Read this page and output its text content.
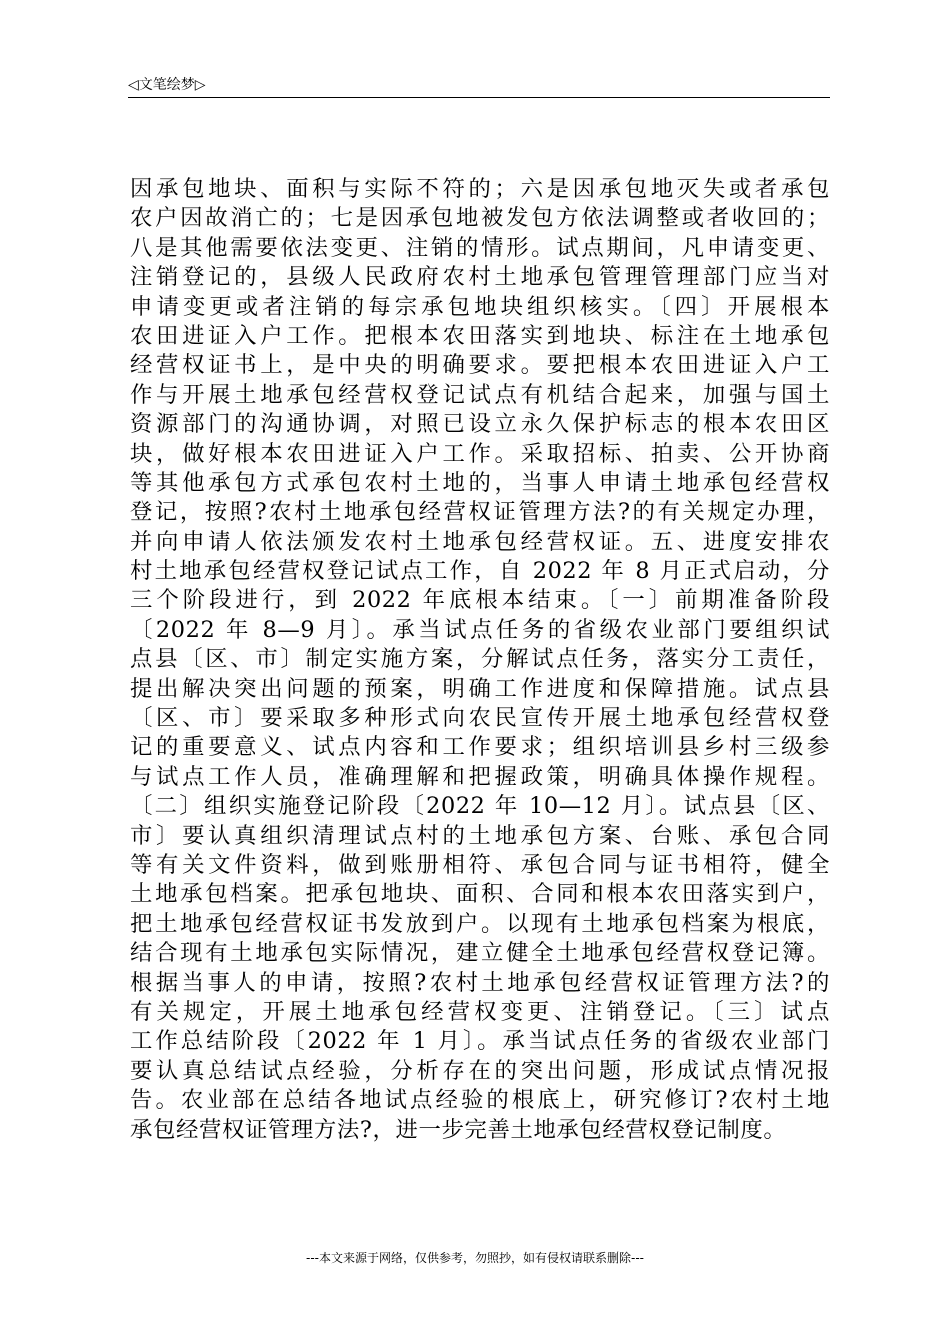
◁文笔绘梦▷
因承包地块、面积与实际不符的；六是因承包地灭失或者承包
农户因故消亡的；七是因承包地被发包方依法调整或者收回的；
八是其他需要依法变更、注销的情形。试点期间，凡申请变更、
注销登记的，县级人民政府农村土地承包管理管理部门应当对
申请变更或者注销的每宗承包地块组织核实。〔四〕开展根本
农田进证入户工作。把根本农田落实到地块、标注在土地承包
经营权证书上，是中央的明确要求。要把根本农田进证入户工
作与开展土地承包经营权登记试点有机结合起来，加强与国土
资源部门的沟通协调，对照已设立永久保护标志的根本农田区
块，做好根本农田进证入户工作。采取招标、拍卖、公开协商
等其他承包方式承包农村土地的，当事人申请土地承包经营权
登记，按照?农村土地承包经营权证管理方法?的有关规定办理，
并向申请人依法颁发农村土地承包经营权证。五、进度安排农
村土地承包经营权登记试点工作，自 2022 年 8 月正式启动，分
三个阶段进行，到 2022 年底根本结束。〔一〕前期准备阶段
〔2022 年 8—9 月〕。承当试点任务的省级农业部门要组织试
点县〔区、市〕制定实施方案，分解试点任务，落实分工责任，
提出解决突出问题的预案，明确工作进度和保障措施。试点县
〔区、市〕要采取多种形式向农民宣传开展土地承包经营权登
记的重要意义、试点内容和工作要求；组织培训县乡村三级参
与试点工作人员，准确理解和把握政策，明确具体操作规程。
〔二〕组织实施登记阶段〔2022 年 10—12 月〕。试点县〔区、
市〕要认真组织清理试点村的土地承包方案、台账、承包合同
等有关文件资料，做到账册相符、承包合同与证书相符，健全
土地承包档案。把承包地块、面积、合同和根本农田落实到户，
把土地承包经营权证书发放到户。以现有土地承包档案为根底，
结合现有土地承包实际情况，建立健全土地承包经营权登记簿。
根据当事人的申请，按照?农村土地承包经营权证管理方法?的
有关规定，开展土地承包经营权变更、注销登记。〔三〕试点
工作总结阶段〔2022 年 1 月〕。承当试点任务的省级农业部门
要认真总结试点经验，分析存在的突出问题，形成试点情况报
告。农业部在总结各地试点经验的根底上，研究修订?农村土地
承包经营权证管理方法?，进一步完善土地承包经营权登记制度。
---本文来源于网络，仅供参考，勿照抄，如有侵权请联系删除---
